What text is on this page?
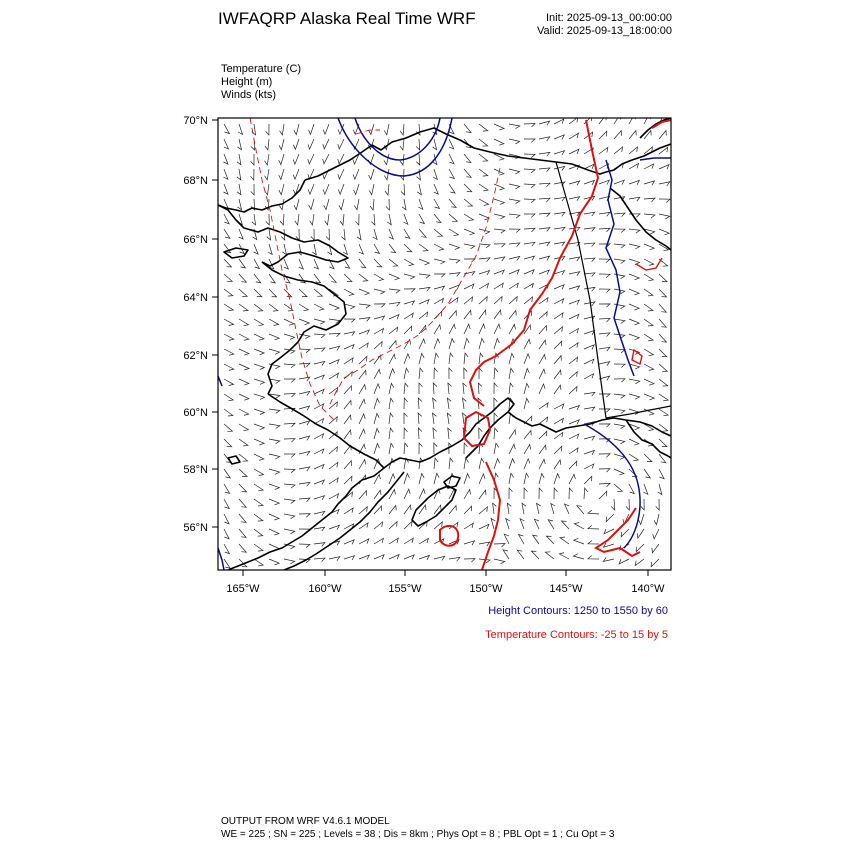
IWFAQRP Alaska Real Time WRF	Init: 2025-09-13_00:00:00
Valid: 2025-09-13_18:00:00
Temperature (C)
Height (m)
Winds (kts)
70°N
68°N
66°N
64°N
62°N
60°N
58°N
56°N
165°W	160°W	155°W	150°W	145°W	140°W
Height Contours: 1250 to 1550 by 60
Temperature Contours: -25 to 15 by 5
OUTPUT FROM WRF V4.6.1 MODEL
WE = 225 ; SN = 225 ; Levels = 38 ; Dis = 8km ; Phys Opt = 8 ; PBL Opt = 1 ; Cu Opt = 3
